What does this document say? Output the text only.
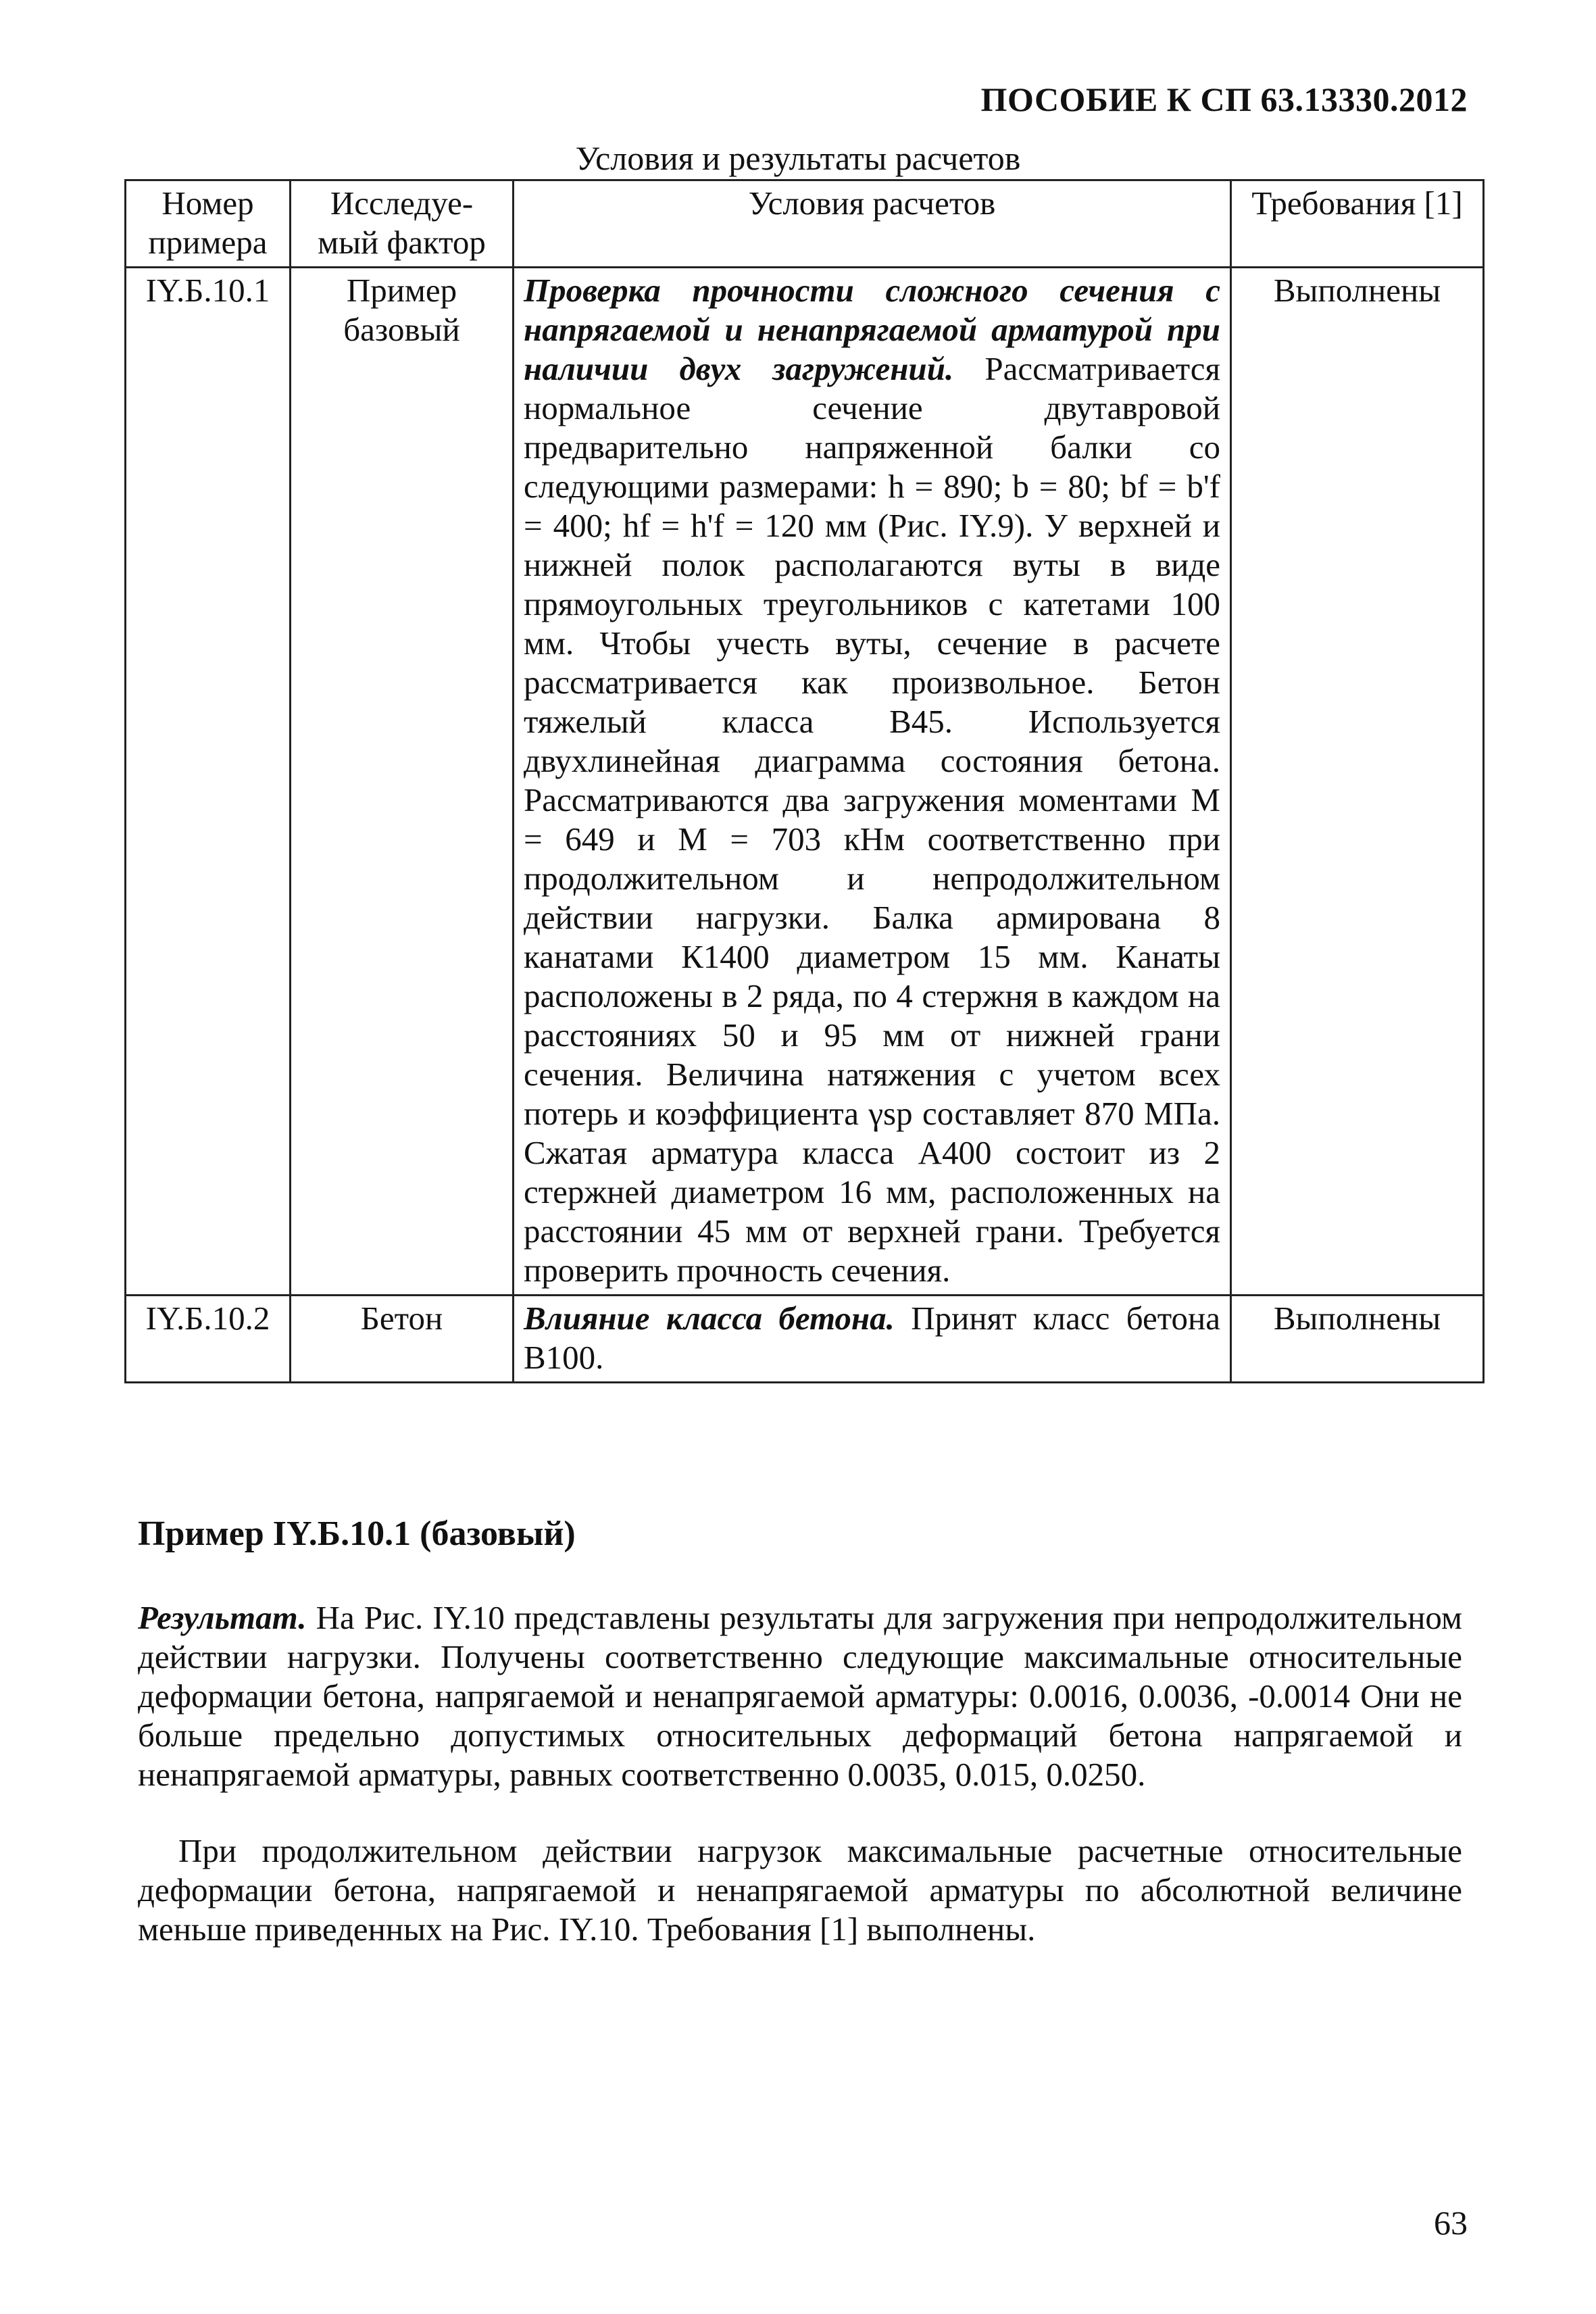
ПОСОБИЕ К СП 63.13330.2012
Условия и результаты расчетов
Номер примера	Исследуе-мый фактор	Условия расчетов	Требования [1]
IY.Б.10.1	Пример базовый	Проверка прочности сложного сечения с напрягаемой и ненапрягаемой арматурой при наличии двух загружений. Рассматривается нормальное сечение двутавровой предварительно напряженной балки со следующими размерами: h = 890; b = 80; bf = b'f = 400; hf = h'f = 120 мм (Рис. IY.9). У верхней и нижней полок располагаются вуты в виде прямоугольных треугольников с катетами 100 мм. Чтобы учесть вуты, сечение в расчете рассматривается как произвольное. Бетон тяжелый класса B45. Используется двухлинейная диаграмма состояния бетона. Рассматриваются два загружения моментами M = 649 и M = 703 кНм соответственно при продолжительном и непродолжительном действии нагрузки. Балка армирована 8 канатами К1400 диаметром 15 мм. Канаты расположены в 2 ряда, по 4 стержня в каждом на расстояниях 50 и 95 мм от нижней грани сечения. Величина натяжения с учетом всех потерь и коэффициента γsp составляет 870 МПа. Сжатая арматура класса А400 состоит из 2 стержней диаметром 16 мм, расположенных на расстоянии 45 мм от верхней грани. Требуется проверить прочность сечения.	Выполнены
IY.Б.10.2	Бетон	Влияние класса бетона. Принят класс бетона B100.	Выполнены
Пример IY.Б.10.1 (базовый)
Результат. На Рис. IY.10 представлены результаты для загружения при непродолжительном действии нагрузки. Получены соответственно следующие максимальные относительные деформации бетона, напрягаемой и ненапрягаемой арматуры: 0.0016, 0.0036, -0.0014 Они не больше предельно допустимых относительных деформаций бетона напрягаемой и ненапрягаемой арматуры, равных соответственно 0.0035, 0.015, 0.0250.
При продолжительном действии нагрузок максимальные расчетные относительные деформации бетона, напрягаемой и ненапрягаемой арматуры по абсолютной величине меньше приведенных на Рис. IY.10. Требования [1] выполнены.
63
